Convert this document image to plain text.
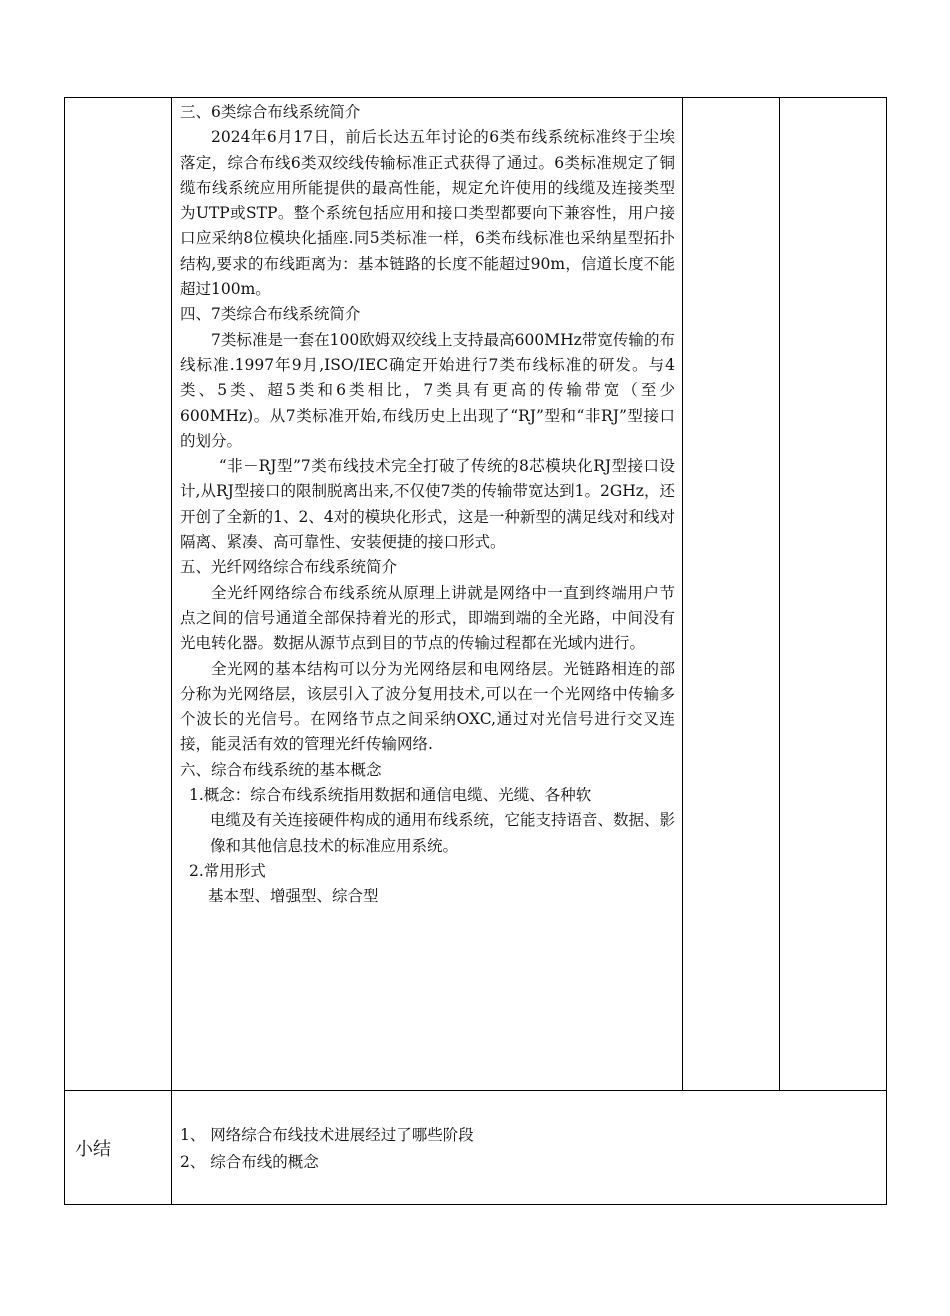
三、6类综合布线系统简介

2024年6月17日，前后长达五年讨论的6类布线系统标准终于尘埃落定，综合布线6类双绞线传输标准正式获得了通过。6类标准规定了铜缆布线系统应用所能提供的最高性能，规定允许使用的线缆及连接类型为UTP或STP。整个系统包括应用和接口类型都要向下兼容性，用户接口应采纳8位模块化插座.同5类标准一样，6类布线标准也采纳星型拓扑结构,要求的布线距离为：基本链路的长度不能超过90m，信道长度不能超过100m。

四、7类综合布线系统简介

7类标准是一套在100欧姆双绞线上支持最高600MHz带宽传输的布线标准.1997年9月,ISO/IEC确定开始进行7类布线标准的研发。与4类、5类、超5类和6类相比，7类具有更高的传输带宽（至少600MHz)。从7类标准开始,布线历史上出现了“RJ”型和“非RJ”型接口的划分。

“非－RJ型”7类布线技术完全打破了传统的8芯模块化RJ型接口设计,从RJ型接口的限制脱离出来,不仅使7类的传输带宽达到1。2GHz，还开创了全新的1、2、4对的模块化形式，这是一种新型的满足线对和线对隔离、紧凑、高可靠性、安装便捷的接口形式。

五、光纤网络综合布线系统简介

全光纤网络综合布线系统从原理上讲就是网络中一直到终端用户节点之间的信号通道全部保持着光的形式，即端到端的全光路，中间没有光电转化器。数据从源节点到目的节点的传输过程都在光域内进行。

全光网的基本结构可以分为光网络层和电网络层。光链路相连的部分称为光网络层，该层引入了波分复用技术,可以在一个光网络中传输多个波长的光信号。在网络节点之间采纳OXC,通过对光信号进行交叉连接，能灵活有效的管理光纤传输网络.

六、综合布线系统的基本概念

1.概念：综合布线系统指用数据和通信电缆、光缆、各种软

电缆及有关连接硬件构成的通用布线系统，它能支持语音、数据、影像和其他信息技术的标准应用系统。

2.常用形式

基本型、增强型、综合型

小结

1、 网络综合布线技术进展经过了哪些阶段

2、 综合布线的概念
